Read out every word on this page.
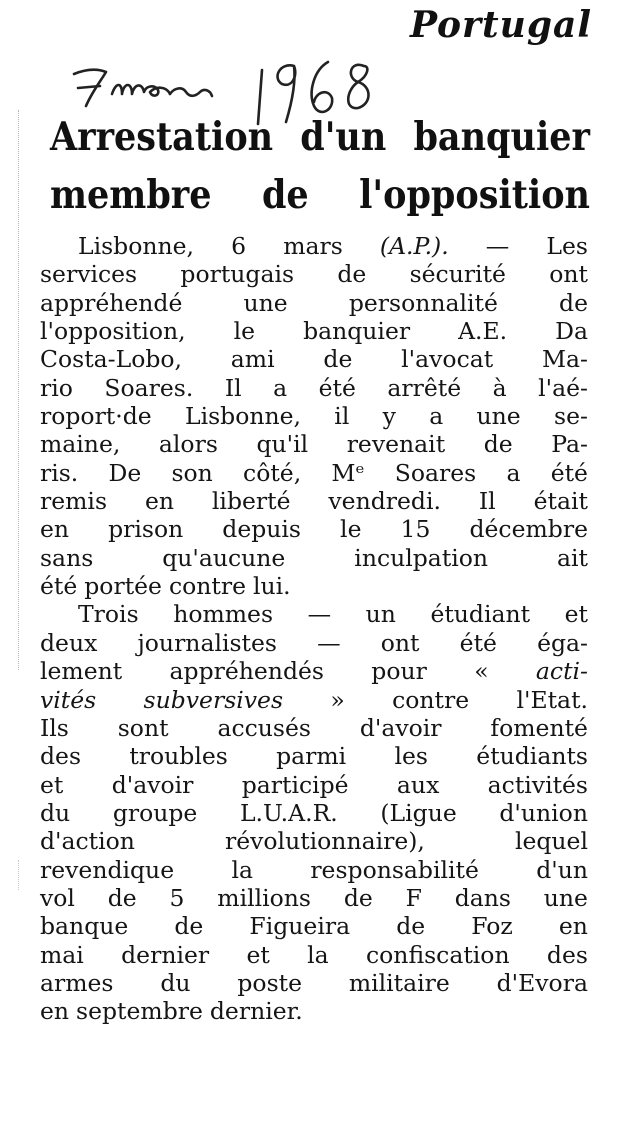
Portugal
Arrestation d'un banquier
membre de l'opposition
Lisbonne, 6 mars (A.P.). — Les
services portugais de sécurité ont
appréhendé	une	personnalité	de
l'opposition, le banquier A.E. Da
Costa-Lobo, ami de l'avocat Ma-
rio Soares. Il a été arrêté à l'aé-
roport·de Lisbonne, il y a une se-
maine, alors qu'il revenait de Pa-
ris. De son côté, Mᵉ Soares a été
remis en liberté vendredi. Il était
en prison depuis le 15 décembre
sans	qu'aucune	inculpation	ait
été portée contre lui.
Trois hommes — un étudiant et
deux journalistes — ont été éga-
lement appréhendés pour « acti-
vités subversives » contre l'Etat.
Ils sont accusés d'avoir fomenté
des troubles parmi les étudiants
et d'avoir participé aux activités
du groupe L.U.A.R. (Ligue d'union
d'action	révolutionnaire),	lequel
revendique la responsabilité d'un
vol de 5 millions de F dans une
banque de Figueira de Foz en
mai dernier et la confiscation des
armes du poste militaire d'Evora
en septembre dernier.
